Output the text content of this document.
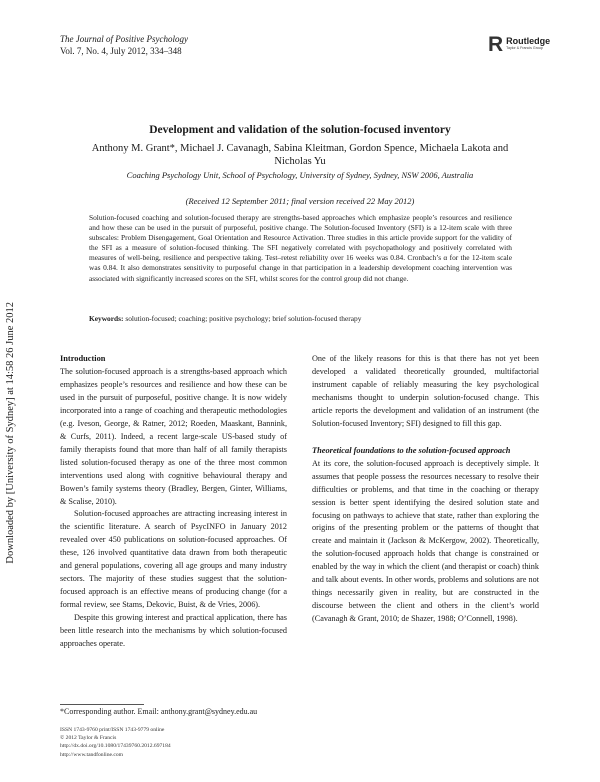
Downloaded by [University of Sydney] at 14:58 26 June 2012
The Journal of Positive Psychology
Vol. 7, No. 4, July 2012, 334–348	R Routledge
Taylor & Francis Group
Development and validation of the solution-focused inventory
Anthony M. Grant*, Michael J. Cavanagh, Sabina Kleitman, Gordon Spence, Michaela Lakota and Nicholas Yu
Coaching Psychology Unit, School of Psychology, University of Sydney, Sydney, NSW 2006, Australia
(Received 12 September 2011; final version received 22 May 2012)
Solution-focused coaching and solution-focused therapy are strengths-based approaches which emphasize people’s resources and resilience and how these can be used in the pursuit of purposeful, positive change. The Solution-focused Inventory (SFI) is a 12-item scale with three subscales: Problem Disengagement, Goal Orientation and Resource Activation. Three studies in this article provide support for the validity of the SFI as a measure of solution-focused thinking. The SFI negatively correlated with psychopathology and positively correlated with measures of well-being, resilience and perspective taking. Test–retest reliability over 16 weeks was 0.84. Cronbach’s α for the 12-item scale was 0.84. It also demonstrates sensitivity to purposeful change in that participation in a leadership development coaching intervention was associated with significantly increased scores on the SFI, whilst scores for the control group did not change.
Keywords: solution-focused; coaching; positive psychology; brief solution-focused therapy
Introduction

The solution-focused approach is a strengths-based approach which emphasizes people’s resources and resilience and how these can be used in the pursuit of purposeful, positive change. It is now widely incorporated into a range of coaching and therapeutic methodologies (e.g. Iveson, George, & Ratner, 2012; Roeden, Maaskant, Bannink, & Curfs, 2011). Indeed, a recent large-scale US-based study of family therapists found that more than half of all family therapists listed solution-focused therapy as one of the three most common interventions used along with cognitive behavioural therapy and Bowen’s family systems theory (Bradley, Bergen, Ginter, Williams, & Scalise, 2010).

Solution-focused approaches are attracting increasing interest in the scientific literature. A search of PsycINFO in January 2012 revealed over 450 publications on solution-focused approaches. Of these, 126 involved quantitative data drawn from both therapeutic and general populations, covering all age groups and many industry sectors. The majority of these studies suggest that the solution-focused approach is an effective means of producing change (for a formal review, see Stams, Dekovic, Buist, & de Vries, 2006).

Despite this growing interest and practical application, there has been little research into the mechanisms by which solution-focused approaches operate.

One of the likely reasons for this is that there has not yet been developed a validated theoretically grounded, multifactorial instrument capable of reliably measuring the key psychological mechanisms thought to underpin solution-focused change. This article reports the development and validation of an instrument (the Solution-focused Inventory; SFI) designed to fill this gap.

Theoretical foundations to the solution-focused approach

At its core, the solution-focused approach is deceptively simple. It assumes that people possess the resources necessary to resolve their difficulties or problems, and that time in the coaching or therapy session is better spent identifying the desired solution state and focusing on pathways to achieve that state, rather than exploring the origins of the presenting problem or the patterns of thought that create and maintain it (Jackson & McKergow, 2002). Theoretically, the solution-focused approach holds that change is constrained or enabled by the way in which the client (and therapist or coach) think and talk about events. In other words, problems and solutions are not things necessarily given in reality, but are constructed in the discourse between the client and others in the client’s world (Cavanagh & Grant, 2010; de Shazer, 1988; O’Connell, 1998).

*Corresponding author. Email: anthony.grant@sydney.edu.au
ISSN 1743-9760 print/ISSN 1743-9779 online
© 2012 Taylor & Francis
http://dx.doi.org/10.1080/17439760.2012.697184
http://www.tandfonline.com
